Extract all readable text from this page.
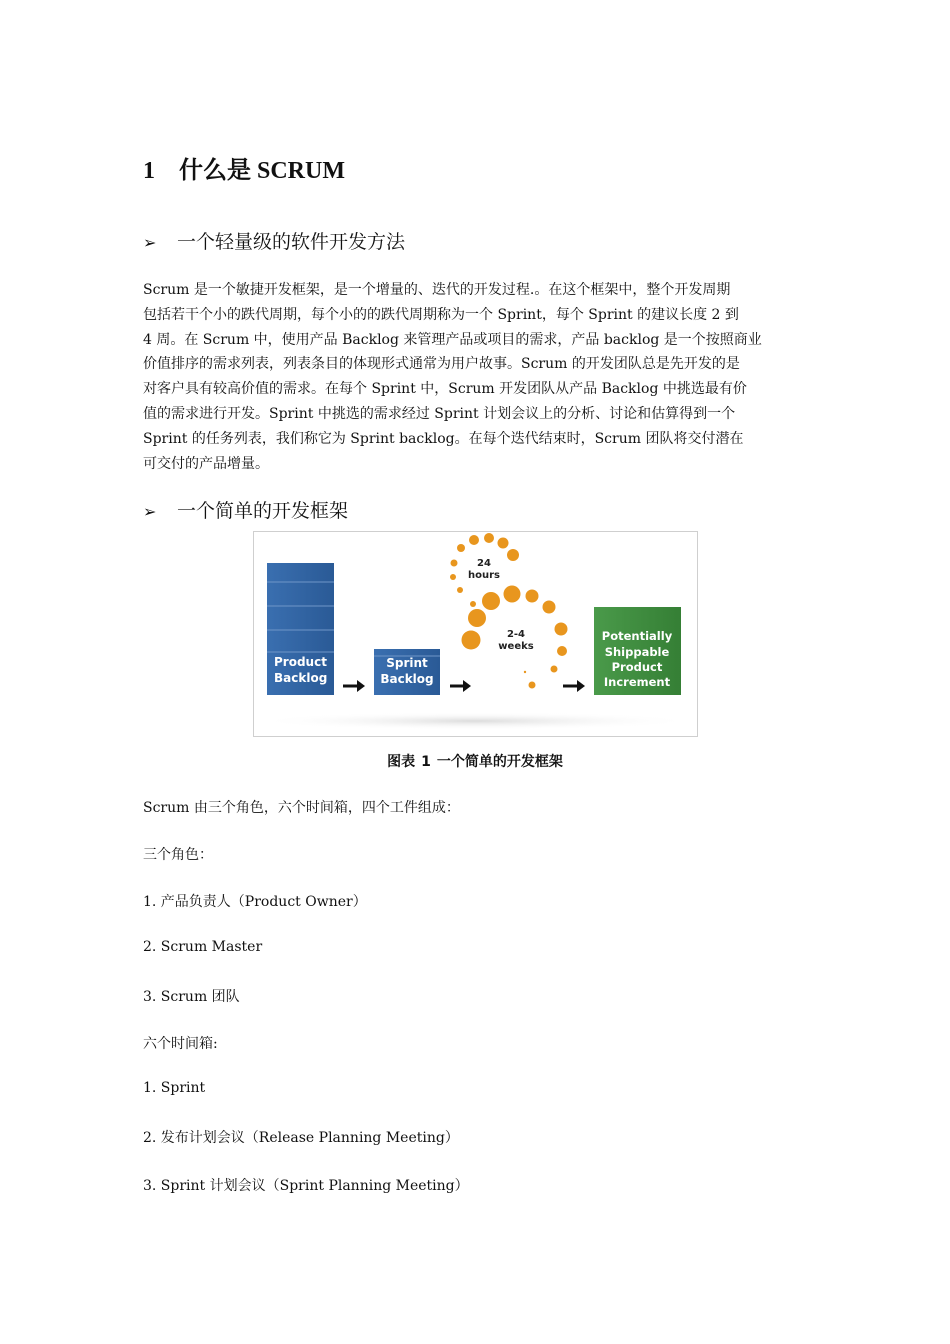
1 什么是 SCRUM

➢ 一个轻量级的软件开发方法

Scrum 是一个敏捷开发框架，是一个增量的、迭代的开发过程.。在这个框架中，整个开发周期
包括若干个小的跌代周期，每个小的的跌代周期称为一个 Sprint，每个 Sprint 的建议长度 2 到
4 周。在 Scrum 中，使用产品 Backlog 来管理产品或项目的需求，产品 backlog 是一个按照商业
价值排序的需求列表，列表条目的体现形式通常为用户故事。Scrum 的开发团队总是先开发的是
对客户具有较高价值的需求。在每个 Sprint 中，Scrum 开发团队从产品 Backlog 中挑选最有价
值的需求进行开发。Sprint 中挑选的需求经过 Sprint 计划会议上的分析、讨论和估算得到一个
Sprint 的任务列表，我们称它为 Sprint backlog。在每个迭代结束时，Scrum 团队将交付潜在
可交付的产品增量。

➢ 一个简单的开发框架

Product
Backlog
Sprint
Backlog
24
hours
2-4
weeks
Potentially
Shippable
Product
Increment

图表 1 一个简单的开发框架

Scrum 由三个角色，六个时间箱，四个工件组成：

三个角色：

1. 产品负责人（Product Owner）

2. Scrum Master

3. Scrum 团队

六个时间箱:

1. Sprint

2. 发布计划会议（Release Planning Meeting）

3. Sprint 计划会议（Sprint Planning Meeting）
